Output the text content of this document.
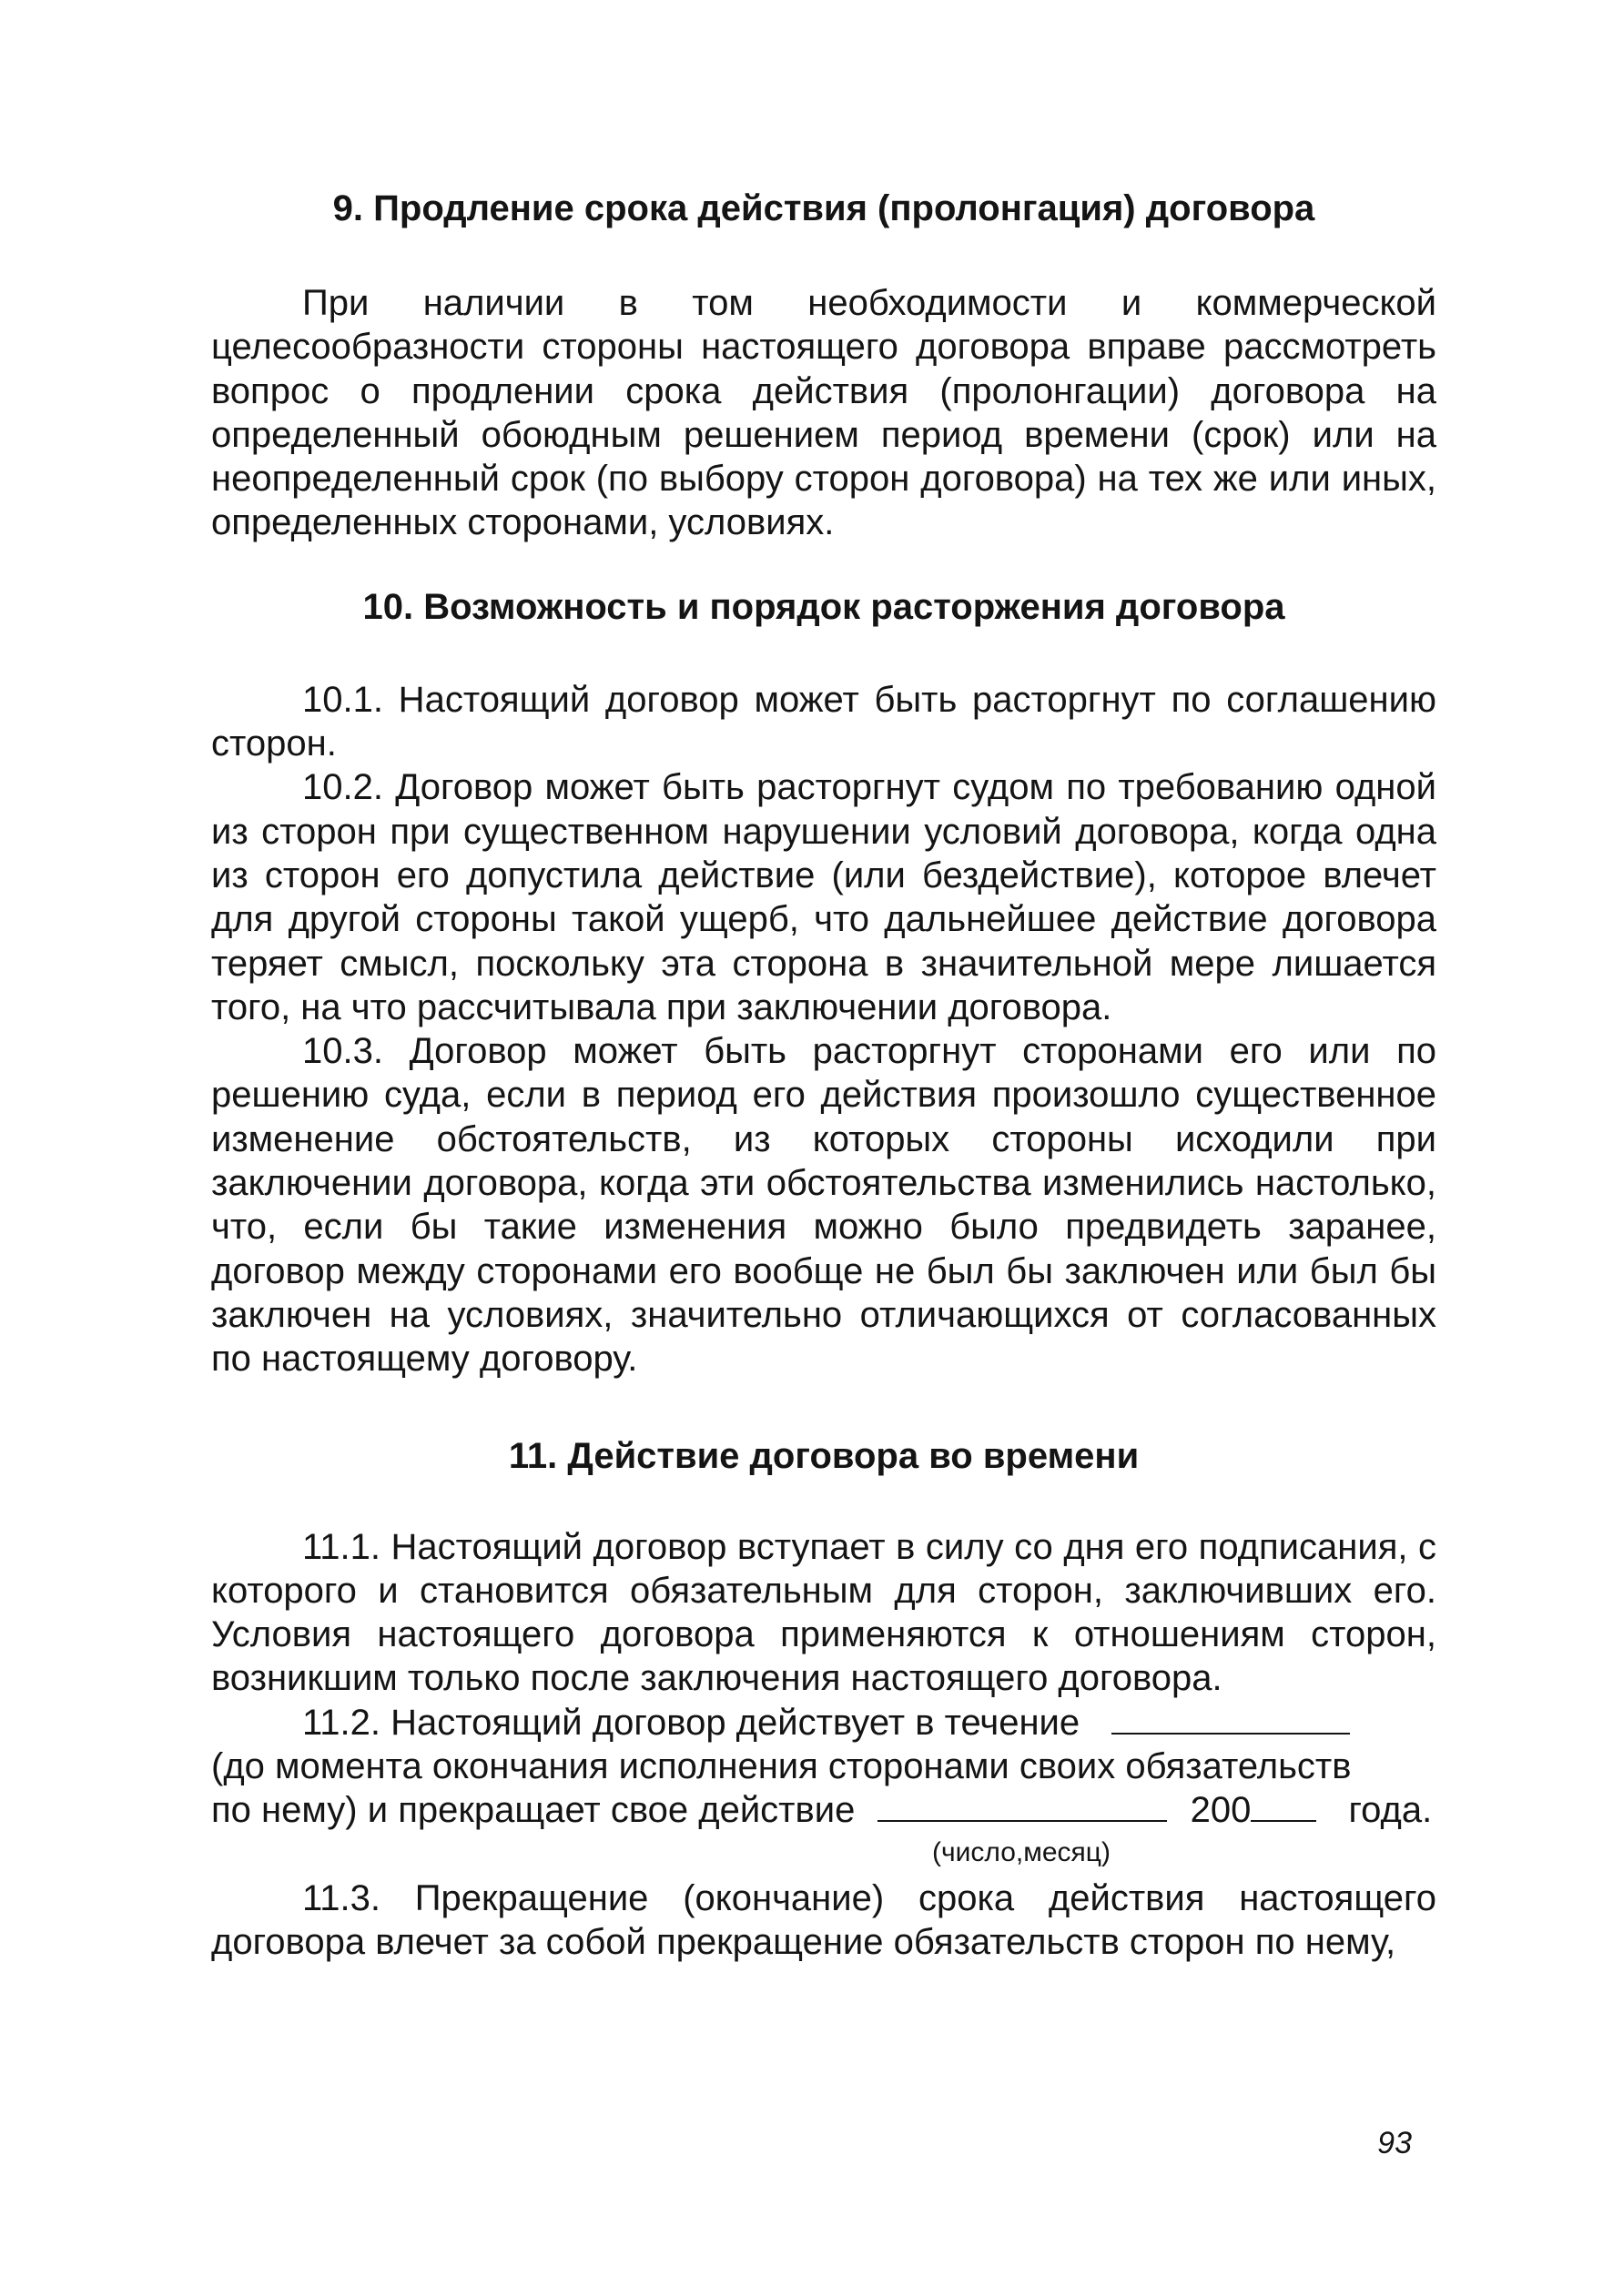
9. Продление срока действия (пролонгация) договора

При наличии в том необходимости и коммерческой целесообразности стороны настоящего договора вправе рассмотреть вопрос о продлении срока действия (пролонгации) договора на определенный обоюдным решением период времени (срок) или на неопределенный срок (по выбору сторон договора) на тех же или иных, определенных сторонами, условиях.

10. Возможность и порядок расторжения договора

10.1. Настоящий договор может быть расторгнут по соглашению сторон.

10.2. Договор может быть расторгнут судом по требованию одной из сторон при существенном нарушении условий договора, когда одна из сторон его допустила действие (или бездействие), которое влечет для другой стороны такой ущерб, что дальнейшее действие договора теряет смысл, поскольку эта сторона в значительной мере лишается того, на что рассчитывала при заключении договора.

10.3. Договор может быть расторгнут сторонами его или по решению суда, если в период его действия произошло существенное изменение обстоятельств, из которых стороны исходили при заключении договора, когда эти обстоятельства изменились настолько, что, если бы такие изменения можно было предвидеть заранее, договор между сторонами его вообще не был бы заключен или был бы заключен на условиях, значительно отличающихся от согласованных по настоящему договору.

11. Действие договора во времени

11.1. Настоящий договор вступает в силу со дня его подписания, с которого и становится обязательным для сторон, заключивших его. Условия настоящего договора применяются к отношениям сторон, возникшим только после заключения настоящего договора.

11.2. Настоящий договор действует в течение
(до момента окончания исполнения сторонами своих обязательств
по нему) и прекращает свое действие	200	года.
(число,месяц)

11.3. Прекращение (окончание) срока действия настоящего договора влечет за собой прекращение обязательств сторон по нему,

93
